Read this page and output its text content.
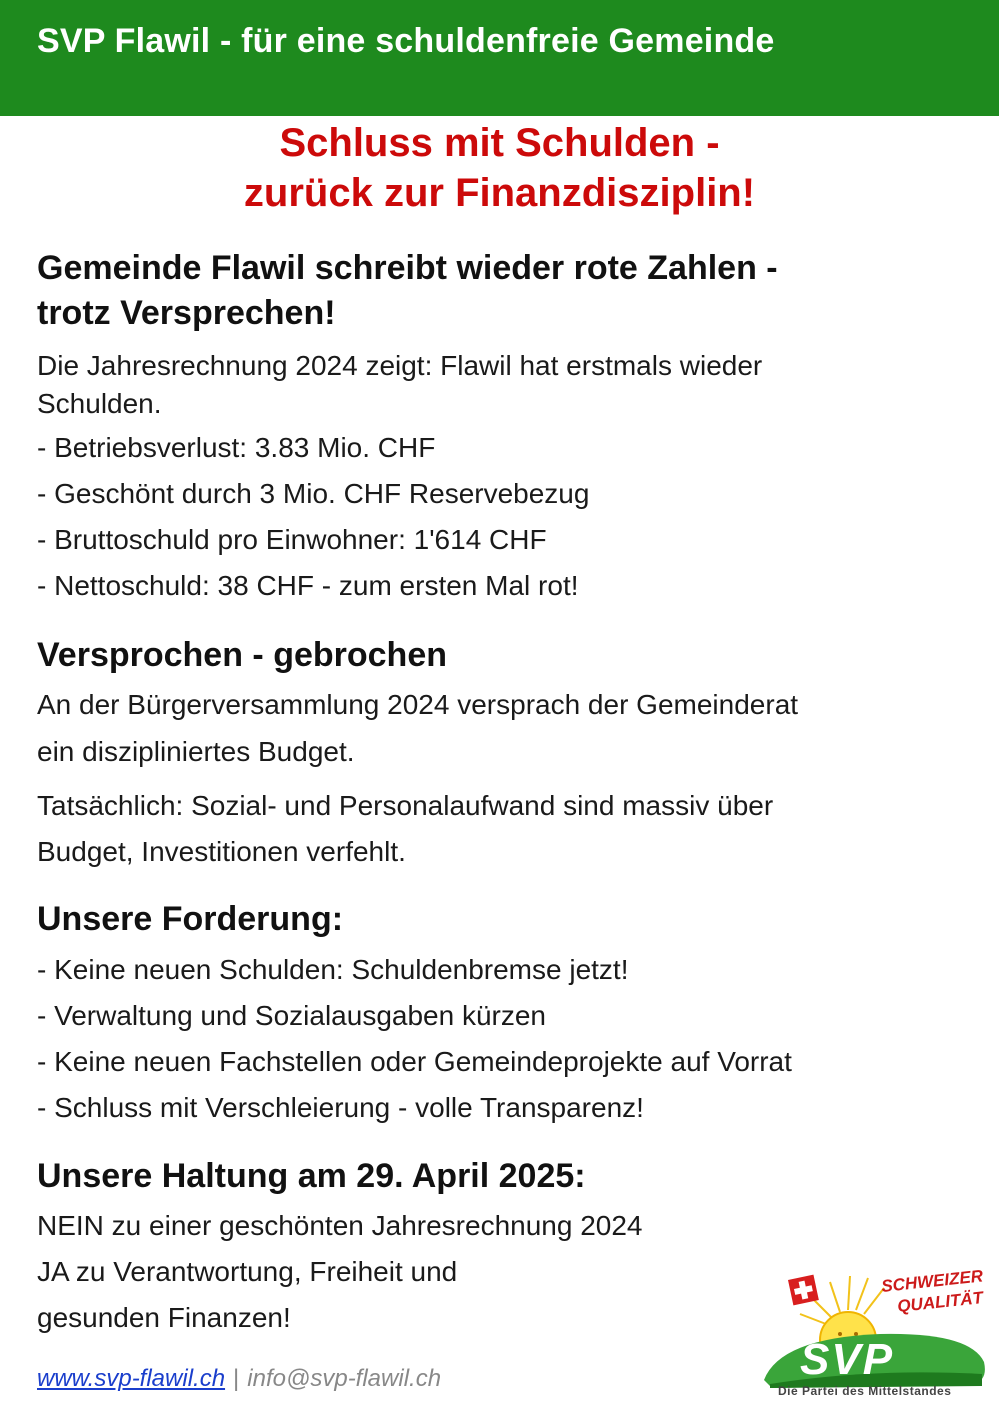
SVP Flawil - für eine schuldenfreie Gemeinde
Schluss mit Schulden -
zurück zur Finanzdisziplin!
Gemeinde Flawil schreibt wieder rote Zahlen -
trotz Versprechen!
Die Jahresrechnung 2024 zeigt: Flawil hat erstmals wieder
Schulden.
- Betriebsverlust: 3.83 Mio. CHF
- Geschönt durch 3 Mio. CHF Reservebezug
- Bruttoschuld pro Einwohner: 1'614 CHF
- Nettoschuld: 38 CHF - zum ersten Mal rot!
Versprochen - gebrochen
An der Bürgerversammlung 2024 versprach der Gemeinderat
ein diszipliniertes Budget.
Tatsächlich: Sozial- und Personalaufwand sind massiv über
Budget, Investitionen verfehlt.
Unsere Forderung:
- Keine neuen Schulden: Schuldenbremse jetzt!
- Verwaltung und Sozialausgaben kürzen
- Keine neuen Fachstellen oder Gemeindeprojekte auf Vorrat
- Schluss mit Verschleierung - volle Transparenz!
Unsere Haltung am 29. April 2025:
NEIN zu einer geschönten Jahresrechnung 2024
JA zu Verantwortung, Freiheit und
gesunden Finanzen!
www.svp-flawil.ch | info@svp-flawil.ch
SCHWEIZER
QUALITÄT
SVP
Die Partei des Mittelstandes
